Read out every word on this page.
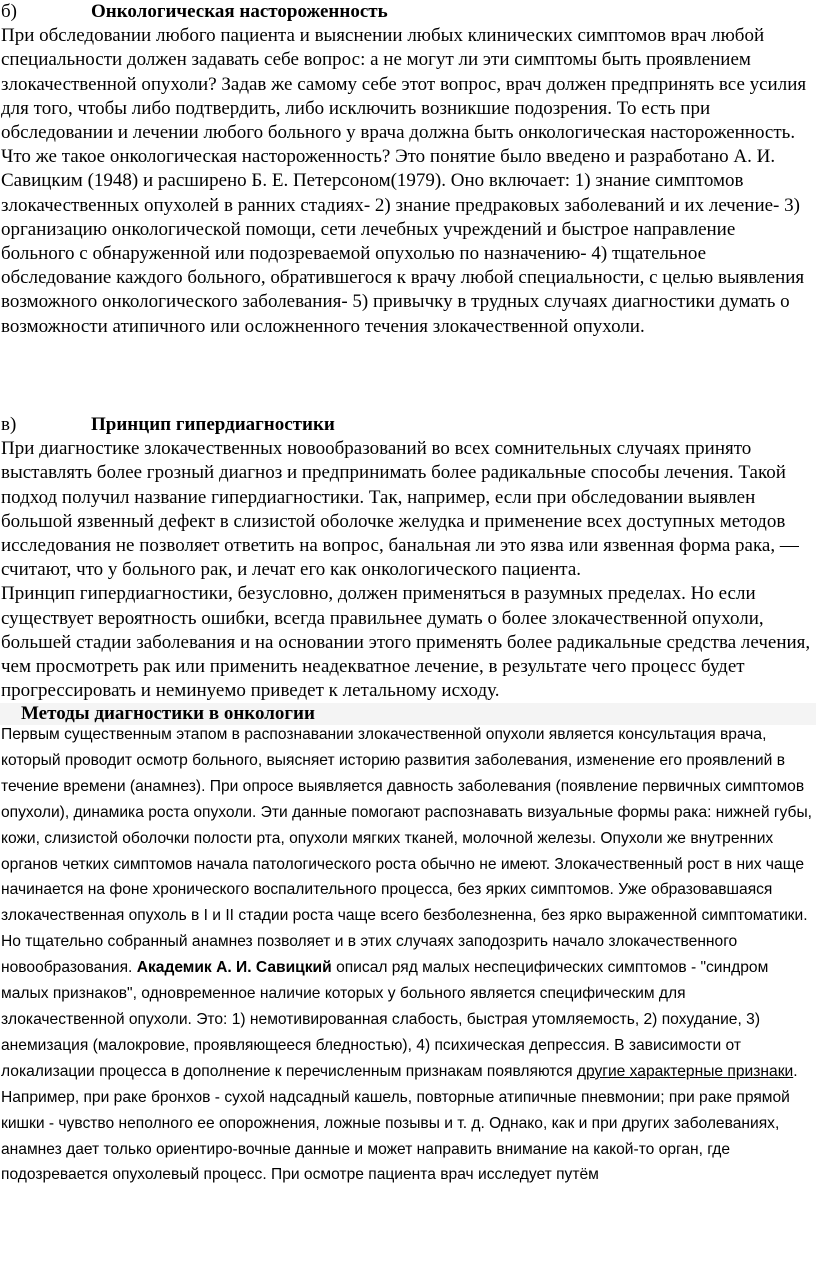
б)	Онкологическая настороженность

При обследовании любого пациента и выяснении любых клинических симптомов врач любой специальности должен задавать себе вопрос: а не могут ли эти симптомы быть проявлением злокачественной опухоли? Задав же самому себе этот вопрос, врач должен предпринять все усилия для того, чтобы либо подтвердить, либо исключить возникшие подозрения. То есть при обследовании и лечении любого больного у врача должна быть онкологическая настороженность.

Что же такое онкологическая настороженность? Это понятие было введено и разработано А. И. Савицким (1948) и расширено Б. Е. Петерсоном(1979). Оно включает: 1) знание симптомов злокачественных опухолей в ранних стадиях- 2) знание предраковых заболеваний и их лечение- 3) организацию онкологической помощи, сети лечебных учреждений и быстрое направление больного с обнаруженной или подозреваемой опухолью по назначению- 4) тщательное обследование каждого больного, обратившегося к врачу любой специальности, с целью выявления возможного онкологического заболевания- 5) привычку в трудных случаях диагностики думать о возможности атипичного или осложненного течения злокачественной опухоли.

в)	Принцип гипердиагностики

При диагностике злокачественных новообразований во всех сомнительных случаях принято выставлять более грозный диагноз и предпринимать более радикальные способы лечения. Такой подход получил название гипердиагностики. Так, например, если при обследовании выявлен большой язвенный дефект в слизистой оболочке желудка и применение всех доступных методов исследования не позволяет ответить на вопрос, банальная ли это язва или язвенная форма рака, — считают, что у больного рак, и лечат его как онкологического пациента.

Принцип гипердиагностики, безусловно, должен применяться в разумных пределах. Но если существует вероятность ошибки, всегда правильнее думать о более злокачественной опухоли, большей стадии заболевания и на основании этого применять более радикальные средства лечения, чем просмотреть рак или применить неадекватное лечение, в результате чего процесс будет прогрессировать и неминуемо приведет к летальному исходу.

Методы диагностики в онкологии

Первым существенным этапом в распознавании злокачественной опухоли является консультация врача, который проводит осмотр больного, выясняет историю развития заболевания, изменение его проявлений в течение времени (анамнез). При опросе выявляется давность заболевания (появление первичных симптомов опухоли), динамика роста опухоли. Эти данные помогают распознавать визуальные формы рака: нижней губы, кожи, слизистой оболочки полости рта, опухоли мягких тканей, молочной железы. Опухоли же внутренних органов четких симптомов начала патологического роста обычно не имеют. Злокачественный рост в них чаще начинается на фоне хронического воспалительного процесса, без ярких симптомов. Уже образовавшаяся злокачественная опухоль в I и II стадии роста чаще всего безболезненна, без ярко выраженной симптоматики. Но тщательно собранный анамнез позволяет и в этих случаях заподозрить начало злокачественного новообразования. Академик А. И. Савицкий описал ряд малых неспецифических симптомов - "синдром малых признаков", одновременное наличие которых у больного является специфическим для злокачественной опухоли. Это: 1) немотивированная слабость, быстрая утомляемость, 2) похудание, 3) анемизация (малокровие, проявляющееся бледностью), 4) психическая депрессия. В зависимости от локализации процесса в дополнение к перечисленным признакам появляются другие характерные признаки. Например, при раке бронхов - сухой надсадный кашель, повторные атипичные пневмонии; при раке прямой кишки - чувство неполного ее опорожнения, ложные позывы и т. д. Однако, как и при других заболеваниях, анамнез дает только ориентиро-вочные данные и может направить внимание на какой-то орган, где подозревается опухолевый процесс. При осмотре пациента врач исследует путём
